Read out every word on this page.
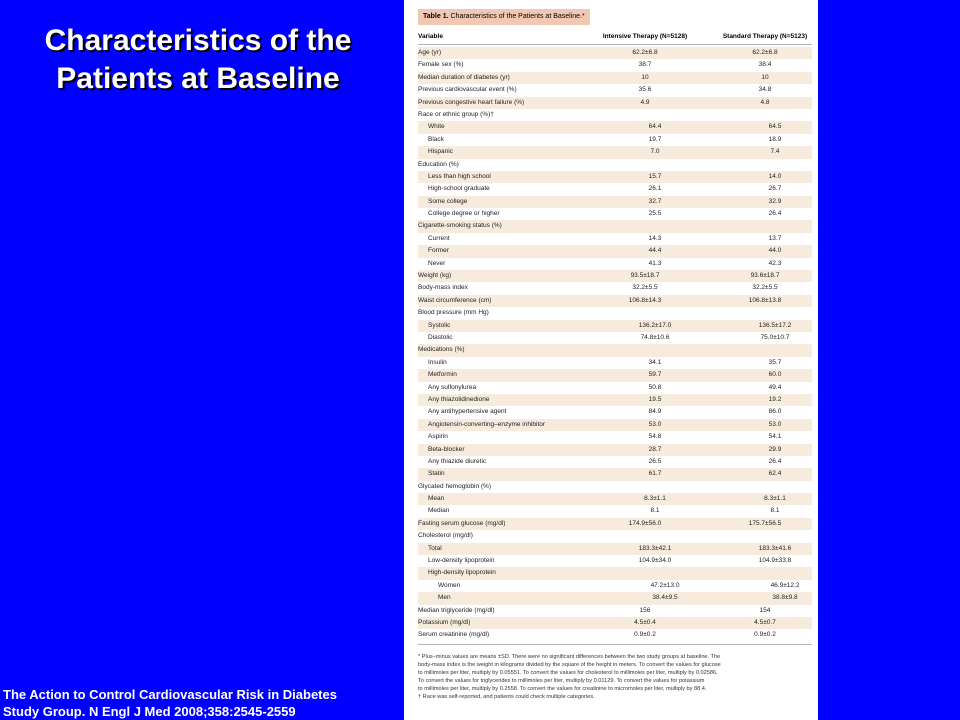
Characteristics of the
Patients at Baseline
Table 1. Characteristics of the Patients at Baseline.*
Variable	Intensive Therapy (N=5128)	Standard Therapy (N=5123)
Age (yr)	62.2±6.8	62.2±6.8
Female sex (%)	38.7	38.4
Median duration of diabetes (yr)	10	10
Previous cardiovascular event (%)	35.6	34.8
Previous congestive heart failure (%)	4.9	4.8
Race or ethnic group (%)†
White	64.4	64.5
Black	19.7	18.9
Hispanic	7.0	7.4
Education (%)
Less than high school	15.7	14.0
High-school graduate	26.1	26.7
Some college	32.7	32.9
College degree or higher	25.5	26.4
Cigarette-smoking status (%)
Current	14.3	13.7
Former	44.4	44.0
Never	41.3	42.3
Weight (kg)	93.5±18.7	93.6±18.7
Body-mass index	32.2±5.5	32.2±5.5
Waist circumference (cm)	106.8±14.3	106.8±13.8
Blood pressure (mm Hg)
Systolic	136.2±17.0	136.5±17.2
Diastolic	74.8±10.6	75.0±10.7
Medications (%)
Insulin	34.1	35.7
Metformin	59.7	60.0
Any sulfonylurea	50.8	49.4
Any thiazolidinedione	19.5	19.2
Any antihypertensive agent	84.9	86.0
Angiotensin-converting–enzyme inhibitor	53.0	53.0
Aspirin	54.8	54.1
Beta-blocker	28.7	29.9
Any thiazide diuretic	26.5	26.4
Statin	61.7	62.4
Glycated hemoglobin (%)
Mean	8.3±1.1	8.3±1.1
Median	8.1	8.1
Fasting serum glucose (mg/dl)	174.9±56.0	175.7±56.5
Cholesterol (mg/dl)
Total	183.3±42.1	183.3±41.6
Low-density lipoprotein	104.9±34.0	104.9±33.8
High-density lipoprotein
Women	47.2±13.0	46.9±12.2
Men	38.4±9.5	38.8±9.8
Median triglyceride (mg/dl)	156	154
Potassium (mg/dl)	4.5±0.4	4.5±0.7
Serum creatinine (mg/dl)	0.9±0.2	0.9±0.2

* Plus–minus values are means ±SD. There were no significant differences between the two study groups at baseline. The

body-mass index is the weight in kilograms divided by the square of the height in meters. To convert the values for glucose

to millimoles per liter, multiply by 0.05551. To convert the values for cholesterol to millimoles per liter, multiply by 0.02586.

To convert the values for triglycerides to millimoles per liter, multiply by 0.01129. To convert the values for potassium

to millimoles per liter, multiply by 0.2558. To convert the values for creatinine to micromoles per liter, multiply by 88.4.

† Race was self-reported, and patients could check multiple categories.

The Action to Control Cardiovascular Risk in Diabetes
Study Group. N Engl J Med 2008;358:2545-2559
